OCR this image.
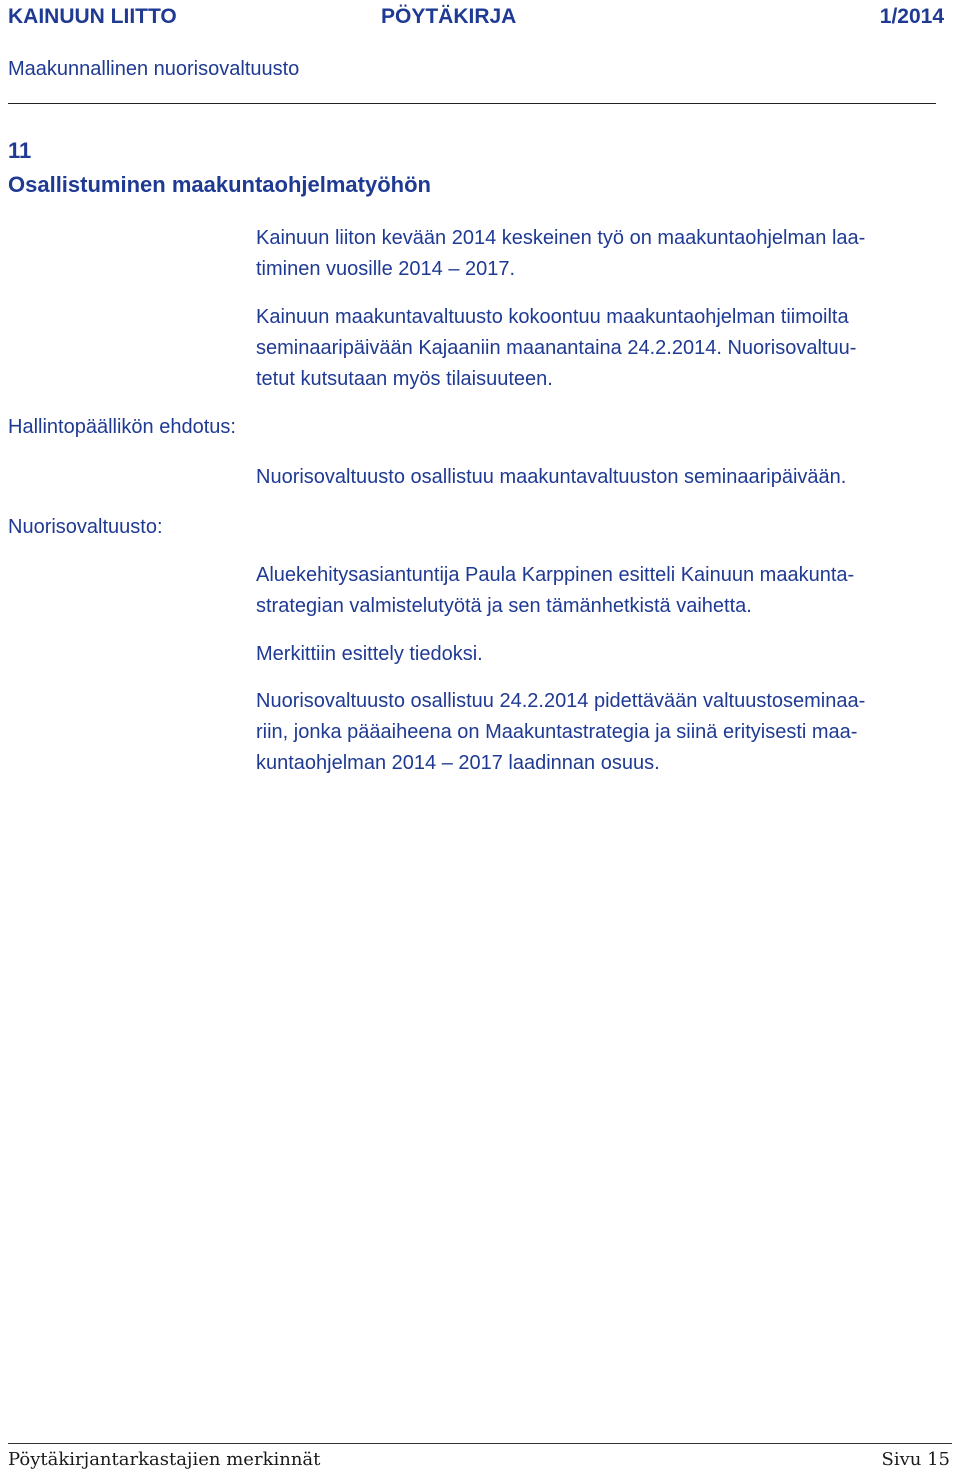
KAINUUN LIITTO	PÖYTÄKIRJA	1/2014
Maakunnallinen nuorisovaltuusto
11
Osallistuminen maakuntaohjelmatyöhön
Hallintopäällikön ehdotus:
Nuorisovaltuusto:

Kainuun liiton kevään 2014 keskeinen työ on maakuntaohjelman laa-
timinen vuosille 2014 – 2017.

Kainuun maakuntavaltuusto kokoontuu maakuntaohjelman tiimoilta
seminaaripäivään Kajaaniin maanantaina 24.2.2014. Nuorisovaltuu-
tetut kutsutaan myös tilaisuuteen.

Nuorisovaltuusto osallistuu maakuntavaltuuston seminaaripäivään.

Aluekehitysasiantuntija Paula Karppinen esitteli Kainuun maakunta-
strategian valmistelutyötä ja sen tämänhetkistä vaihetta.

Merkittiin esittely tiedoksi.

Nuorisovaltuusto osallistuu 24.2.2014 pidettävään valtuustoseminaa-
riin, jonka pääaiheena on Maakuntastrategia ja siinä erityisesti maa-
kuntaohjelman 2014 – 2017 laadinnan osuus.

Pöytäkirjantarkastajien merkinnät	Sivu 15
